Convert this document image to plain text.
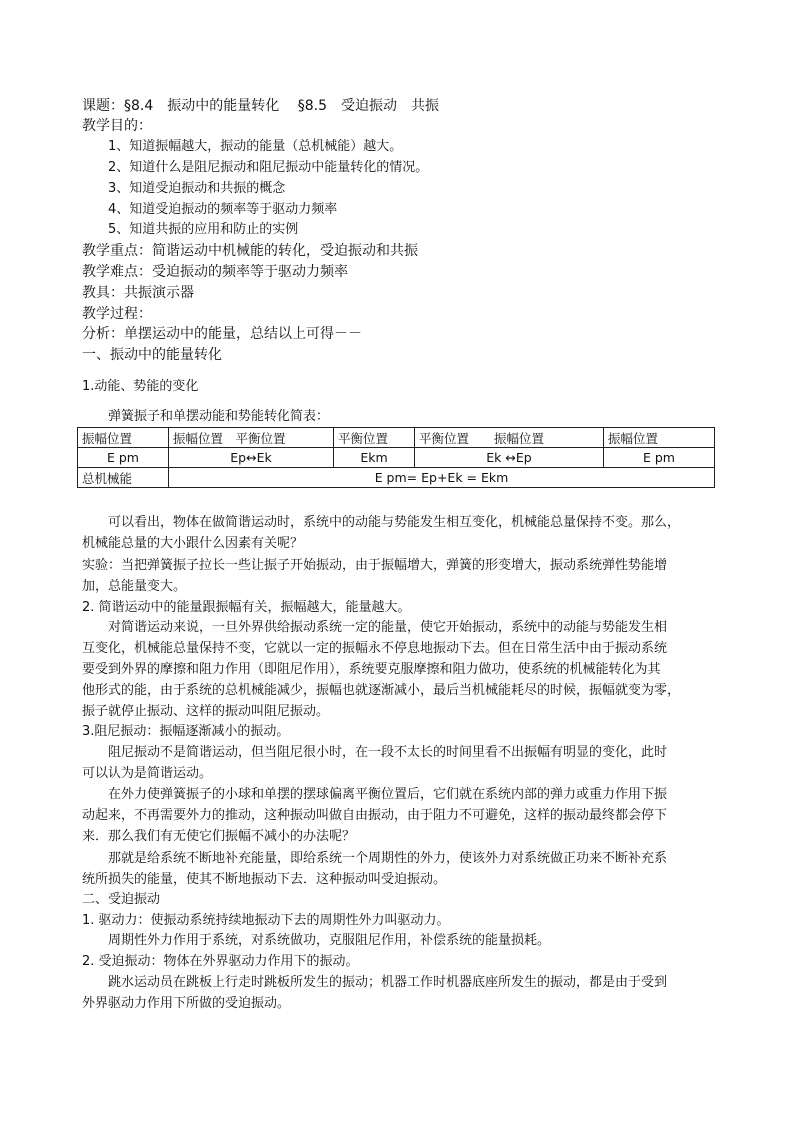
课题：§8.4　振动中的能量转化　 §8.5　受迫振动　共振
教学目的：
1、知道振幅越大，振动的能量（总机械能）越大。
2、知道什么是阻尼振动和阻尼振动中能量转化的情况。
3、知道受迫振动和共振的概念
4、知道受迫振动的频率等于驱动力频率
5、知道共振的应用和防止的实例
教学重点：简谐运动中机械能的转化，受迫振动和共振
教学难点：受迫振动的频率等于驱动力频率
教具：共振演示器
教学过程：
分析：单摆运动中的能量，总结以上可得－－
一、振动中的能量转化
1.动能、势能的变化
弹簧振子和单摆动能和势能转化简表：
振幅位置	振幅位置　平衡位置	平衡位置	平衡位置　　振幅位置	振幅位置
E pm	Ep↔Ek	Ekm	Ek ↔Ep	E pm
总机械能	E pm= Ep+Ek = Ekm			
可以看出，物体在做简谐运动时，系统中的动能与势能发生相互变化，机械能总量保持不变。那么，
机械能总量的大小跟什么因素有关呢？
实验：当把弹簧振子拉长一些让振子开始振动，由于振幅增大，弹簧的形变增大，振动系统弹性势能增
加，总能量变大。
2. 简谐运动中的能量跟振幅有关，振幅越大，能量越大。
对简谐运动来说，一旦外界供给振动系统一定的能量，使它开始振动，系统中的动能与势能发生相
互变化，机械能总量保持不变，它就以一定的振幅永不停息地振动下去。但在日常生活中由于振动系统
要受到外界的摩擦和阻力作用（即阻尼作用），系统要克服摩擦和阻力做功，使系统的机械能转化为其
他形式的能，由于系统的总机械能减少，振幅也就逐渐减小，最后当机械能耗尽的时候，振幅就变为零，
振子就停止振动、这样的振动叫阻尼振动。
3.阻尼振动：振幅逐渐减小的振动。
阻尼振动不是简谐运动，但当阻尼很小时，在一段不太长的时间里看不出振幅有明显的变化，此时
可以认为是简谐运动。
在外力使弹簧振子的小球和单摆的摆球偏离平衡位置后，它们就在系统内部的弹力或重力作用下振
动起来，不再需要外力的推动，这种振动叫做自由振动，由于阻力不可避免，这样的振动最终都会停下
来．那么我们有无使它们振幅不减小的办法呢？
那就是给系统不断地补充能量，即给系统一个周期性的外力，使该外力对系统做正功来不断补充系
统所损失的能量，使其不断地振动下去．这种振动叫受迫振动。
二、受迫振动
1. 驱动力：使振动系统持续地振动下去的周期性外力叫驱动力。
周期性外力作用于系统，对系统做功，克服阻尼作用，补偿系统的能量损耗。
2. 受迫振动：物体在外界驱动力作用下的振动。
跳水运动员在跳板上行走时跳板所发生的振动；机器工作时机器底座所发生的振动，都是由于受到
外界驱动力作用下所做的受迫振动。
